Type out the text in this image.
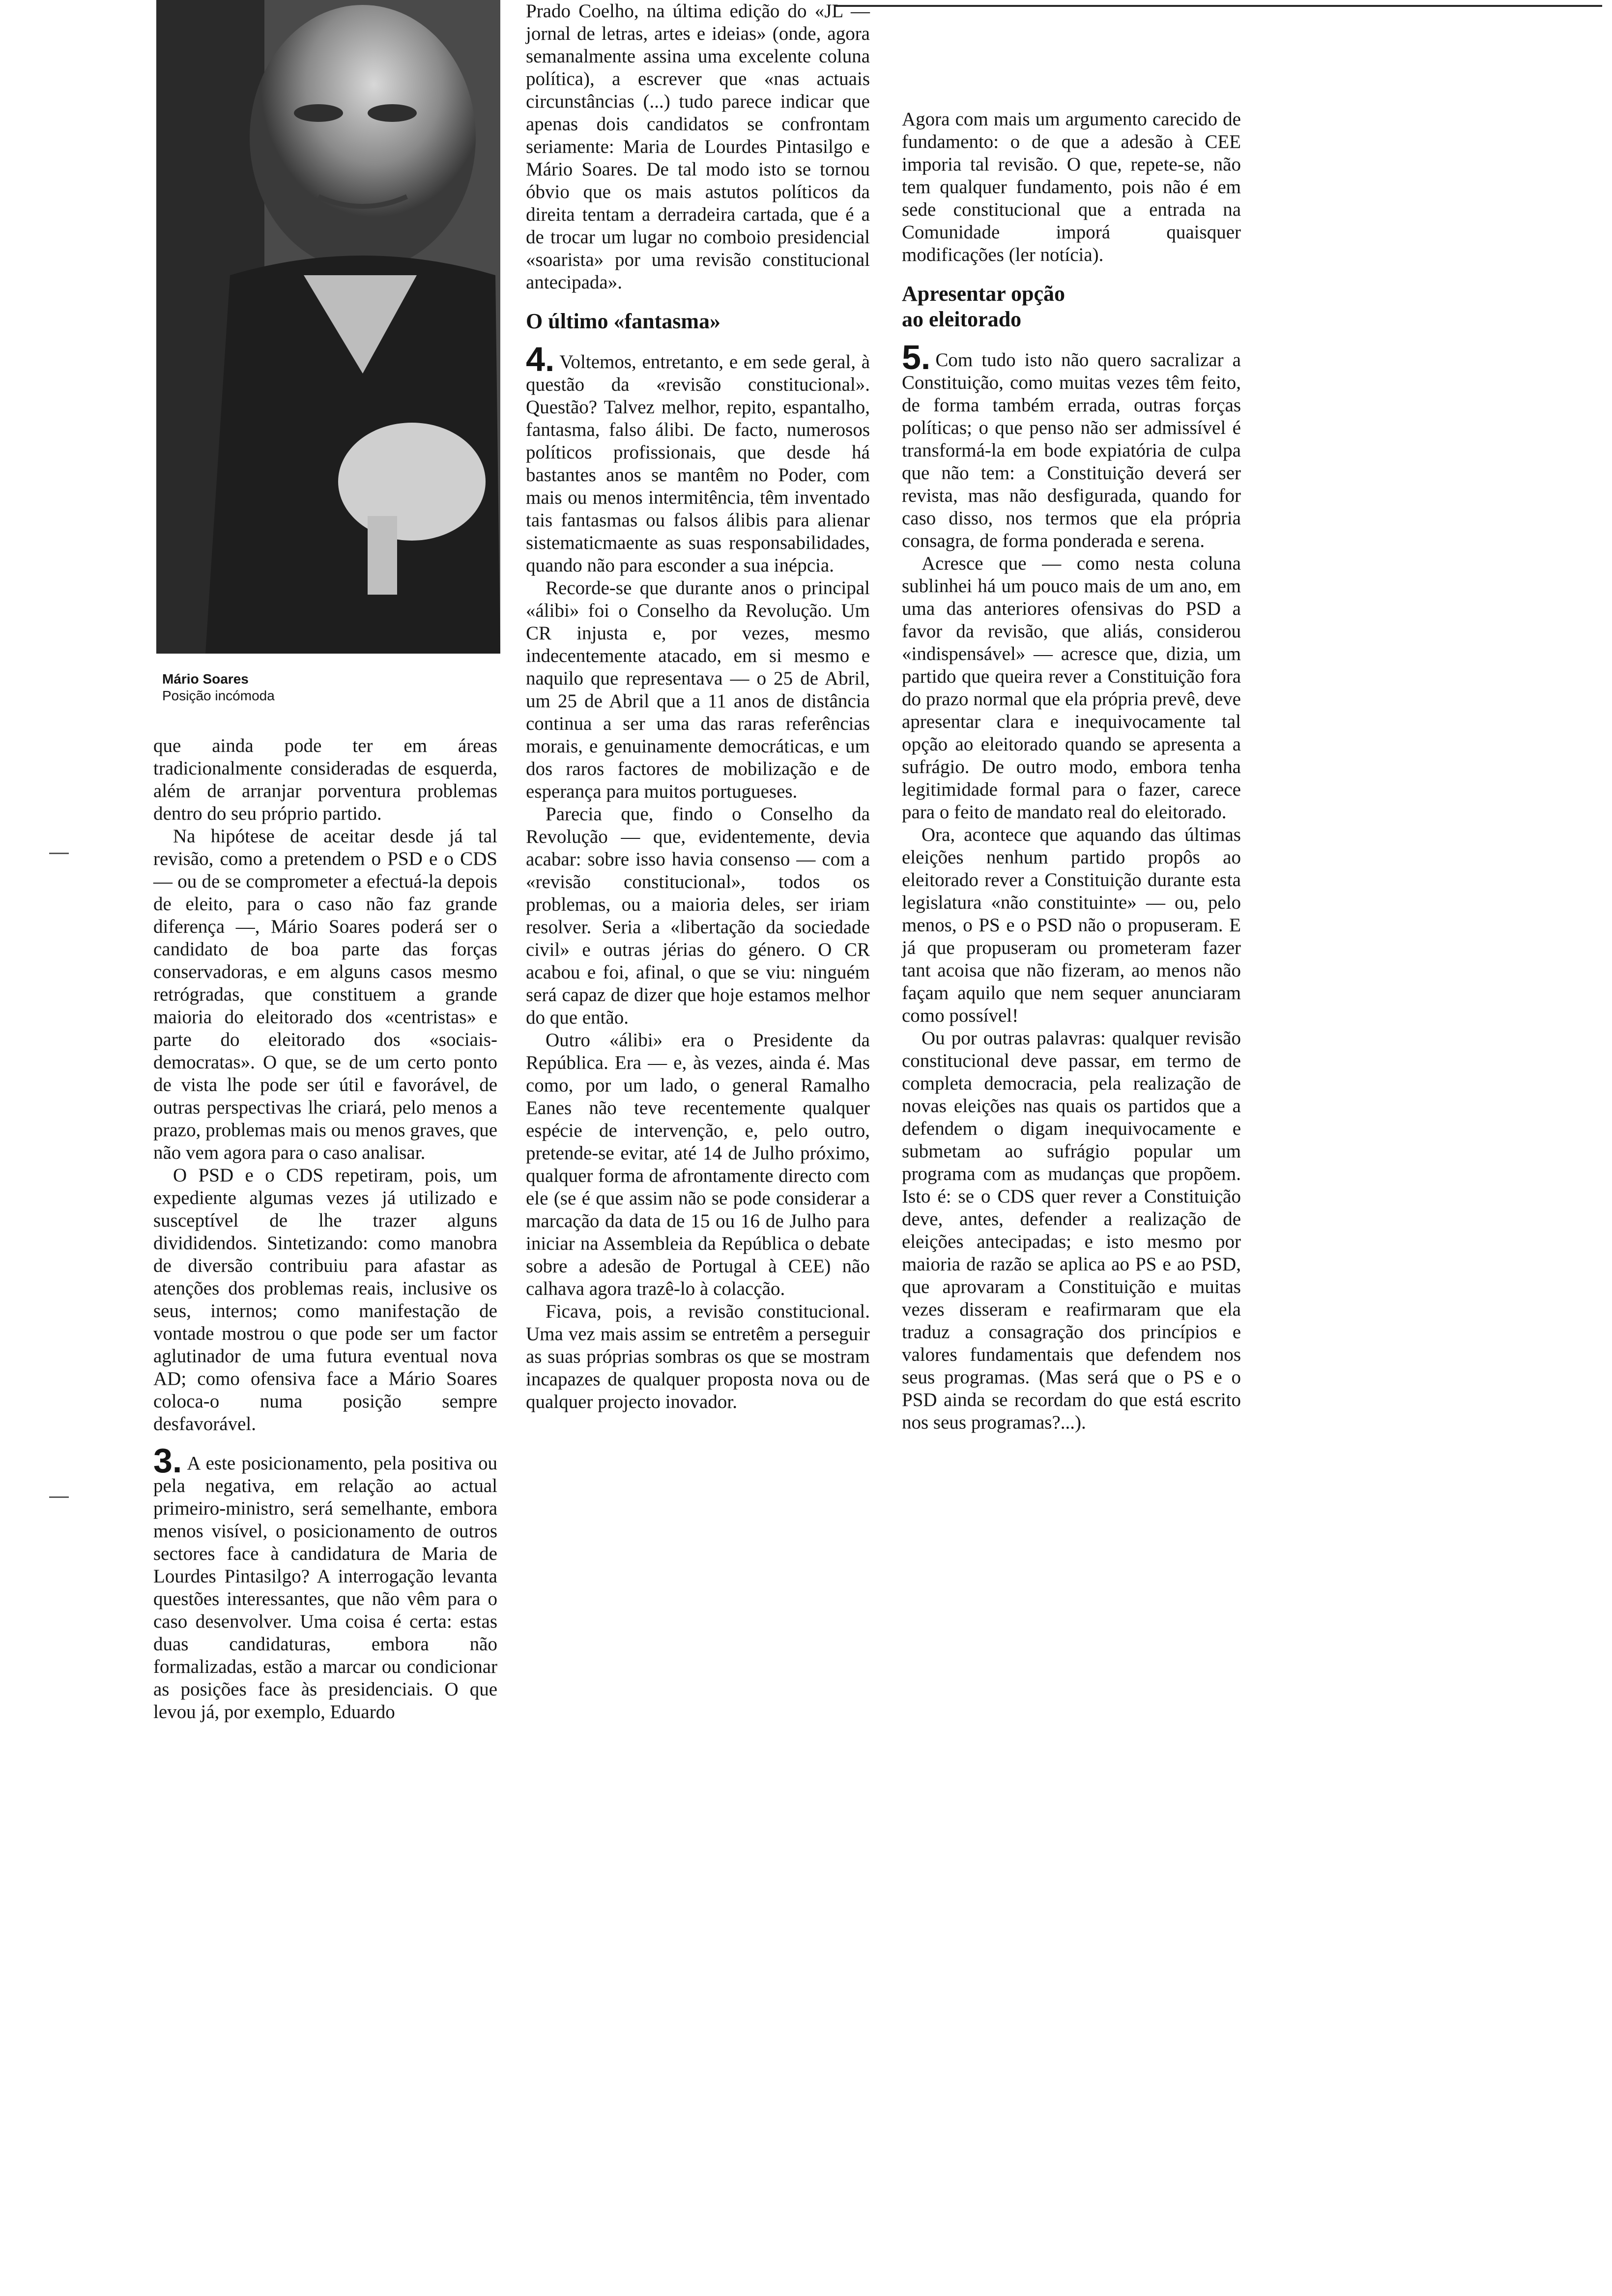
Mário Soares
Posição incómoda

que ainda pode ter em áreas tradicionalmente consideradas de esquerda, além de arranjar porventura problemas dentro do seu próprio partido.

Na hipótese de aceitar desde já tal revisão, como a pretendem o PSD e o CDS — ou de se comprometer a efectuá-la depois de eleito, para o caso não faz grande diferença —, Mário Soares poderá ser o candidato de boa parte das forças conservadoras, e em alguns casos mesmo retrógradas, que constituem a grande maioria do eleitorado dos «centristas» e parte do eleitorado dos «sociais-democratas». O que, se de um certo ponto de vista lhe pode ser útil e favorável, de outras perspectivas lhe criará, pelo menos a prazo, problemas mais ou menos graves, que não vem agora para o caso analisar.

O PSD e o CDS repetiram, pois, um expediente algumas vezes já utilizado e susceptível de lhe trazer alguns divididendos. Sintetizando: como manobra de diversão contribuiu para afastar as atenções dos problemas reais, inclusive os seus, internos; como manifestação de vontade mostrou o que pode ser um factor aglutinador de uma futura eventual nova AD; como ofensiva face a Mário Soares coloca-o numa posição sempre desfavorável.

3. A este posicionamento, pela positiva ou pela negativa, em relação ao actual primeiro-ministro, será semelhante, embora menos visível, o posicionamento de outros sectores face à candidatura de Maria de Lourdes Pintasilgo? A interrogação levanta questões interessantes, que não vêm para o caso desenvolver. Uma coisa é certa: estas duas candidaturas, embora não formalizadas, estão a marcar ou condicionar as posições face às presidenciais. O que levou já, por exemplo, Eduardo

Prado Coelho, na última edição do «JL — jornal de letras, artes e ideias» (onde, agora semanalmente assina uma excelente coluna política), a escrever que «nas actuais circunstâncias (...) tudo parece indicar que apenas dois candidatos se confrontam seriamente: Maria de Lourdes Pintasilgo e Mário Soares. De tal modo isto se tornou óbvio que os mais astutos políticos da direita tentam a derradeira cartada, que é a de trocar um lugar no comboio presidencial «soarista» por uma revisão constitucional antecipada».

O último «fantasma»

4. Voltemos, entretanto, e em sede geral, à questão da «revisão constitucional». Questão? Talvez melhor, repito, espantalho, fantasma, falso álibi. De facto, numerosos políticos profissionais, que desde há bastantes anos se mantêm no Poder, com mais ou menos intermitência, têm inventado tais fantasmas ou falsos álibis para alienar sistematicmaente as suas responsabilidades, quando não para esconder a sua inépcia.

Recorde-se que durante anos o principal «álibi» foi o Conselho da Revolução. Um CR injusta e, por vezes, mesmo indecentemente atacado, em si mesmo e naquilo que representava — o 25 de Abril, um 25 de Abril que a 11 anos de distância continua a ser uma das raras referências morais, e genuinamente democráticas, e um dos raros factores de mobilização e de esperança para muitos portugueses.

Parecia que, findo o Conselho da Revolução — que, evidentemente, devia acabar: sobre isso havia consenso — com a «revisão constitucional», todos os problemas, ou a maioria deles, ser iriam resolver. Seria a «libertação da sociedade civil» e outras jérias do género. O CR acabou e foi, afinal, o que se viu: ninguém será capaz de dizer que hoje estamos melhor do que então.

Outro «álibi» era o Presidente da República. Era — e, às vezes, ainda é. Mas como, por um lado, o general Ramalho Eanes não teve recentemente qualquer espécie de intervenção, e, pelo outro, pretende-se evitar, até 14 de Julho próximo, qualquer forma de afrontamente directo com ele (se é que assim não se pode considerar a marcação da data de 15 ou 16 de Julho para iniciar na Assembleia da República o debate sobre a adesão de Portugal à CEE) não calhava agora trazê-lo à colacção.

Ficava, pois, a revisão constitucional. Uma vez mais assim se entretêm a perseguir as suas próprias sombras os que se mostram incapazes de qualquer proposta nova ou de qualquer projecto inovador.

Agora com mais um argumento carecido de fundamento: o de que a adesão à CEE imporia tal revisão. O que, repete-se, não tem qualquer fundamento, pois não é em sede constitucional que a entrada na Comunidade imporá quaisquer modificações (ler notícia).

Apresentar opção
ao eleitorado

5. Com tudo isto não quero sacralizar a Constituição, como muitas vezes têm feito, de forma também errada, outras forças políticas; o que penso não ser admissível é transformá-la em bode expiatória de culpa que não tem: a Constituição deverá ser revista, mas não desfigurada, quando for caso disso, nos termos que ela própria consagra, de forma ponderada e serena.

Acresce que — como nesta coluna sublinhei há um pouco mais de um ano, em uma das anteriores ofensivas do PSD a favor da revisão, que aliás, considerou «indispensável» — acresce que, dizia, um partido que queira rever a Constituição fora do prazo normal que ela própria prevê, deve apresentar clara e inequivocamente tal opção ao eleitorado quando se apresenta a sufrágio. De outro modo, embora tenha legitimidade formal para o fazer, carece para o feito de mandato real do eleitorado.

Ora, acontece que aquando das últimas eleições nenhum partido propôs ao eleitorado rever a Constituição durante esta legislatura «não constituinte» — ou, pelo menos, o PS e o PSD não o propuseram. E já que propuseram ou prometeram fazer tant acoisa que não fizeram, ao menos não façam aquilo que nem sequer anunciaram como possível!

Ou por outras palavras: qualquer revisão constitucional deve passar, em termo de completa democracia, pela realização de novas eleições nas quais os partidos que a defendem o digam inequivocamente e submetam ao sufrágio popular um programa com as mudanças que propõem. Isto é: se o CDS quer rever a Constituição deve, antes, defender a realização de eleições antecipadas; e isto mesmo por maioria de razão se aplica ao PS e ao PSD, que aprovaram a Constituição e muitas vezes disseram e reafirmaram que ela traduz a consagração dos princípios e valores fundamentais que defendem nos seus programas. (Mas será que o PS e o PSD ainda se recordam do que está escrito nos seus programas?...).
